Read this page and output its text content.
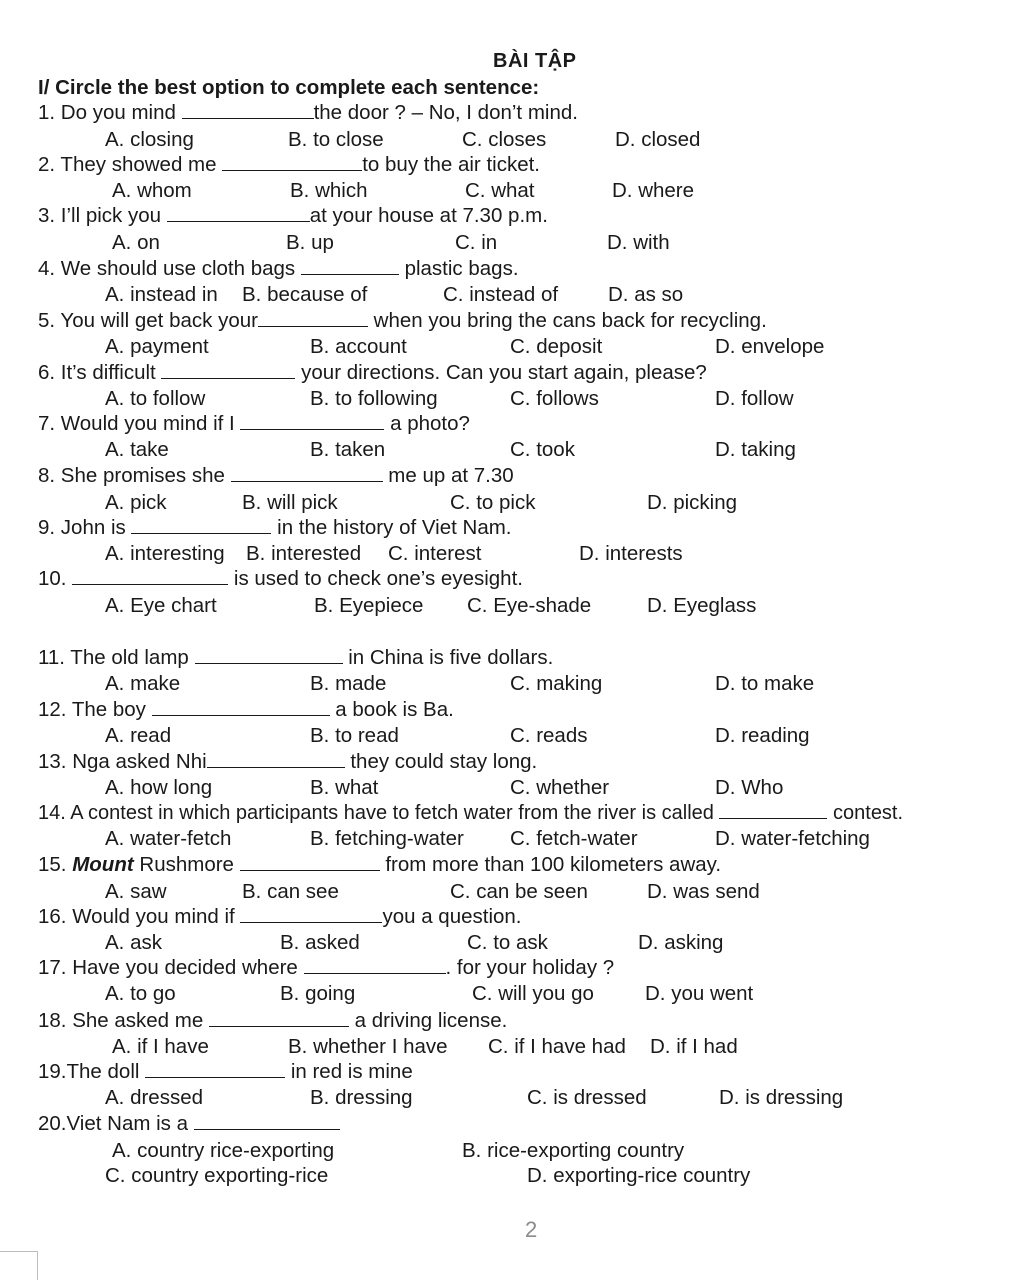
BÀI TẬP
I/ Circle the best option to complete each sentence:
1. Do you mind	the door ? – No, I don’t mind.
A. closing	B. to close	C. closes	D. closed
2. They showed me	to buy the air ticket.
A. whom	B. which	C. what	D. where
3. I’ll pick you	at your house at 7.30 p.m.
A. on	B. up	C. in	D. with
4. We should use cloth bags	plastic bags.
A. instead in B. because of	C. instead of D. as so
5. You will get back your	when you bring the cans back for recycling.
A. payment	B. account	C. deposit	D. envelope
6. It’s difficult	your directions. Can you start again, please?
A. to follow	B. to following	C. follows	D. follow
7. Would you mind if I	a photo?
A. take	B. taken	C. took	D. taking
8. She promises she	me up at 7.30
A. pick	B. will pick	C. to pick	D. picking
9. John is	in the history of Viet Nam.
A. interesting B. interested C. interest	D. interests
10.	is used to check one’s eyesight.
A. Eye chart	B. Eyepiece C. Eye-shade	D. Eyeglass
11. The old lamp	in China is five dollars.
A. make	B. made	C. making	D. to make
12. The boy	a book is Ba.
A. read	B. to read	C. reads	D. reading
13. Nga asked Nhi	they could stay long.
A. how long	B. what	C. whether	D. Who
14. A contest in which participants have to fetch water from the river is called	contest.
A. water-fetch	B. fetching-water C. fetch-water	D. water-fetching
15. Mount Rushmore	from more than 100 kilometers away.
A. saw	B. can see	C. can be seen	D. was send
16. Would you mind if	you a question.
A. ask	B. asked	C. to ask	D. asking
17. Have you decided where	. for your holiday ?
A. to go	B. going	C. will you go D. you went
18. She asked me	a driving license.
A. if I have	B. whether I have C. if I have had D. if I had
19.The doll	in red is mine
A. dressed	B. dressing	C. is dressed	D. is dressing
20.Viet Nam is a
A. country rice-exporting	B. rice-exporting country
C. country exporting-rice	D. exporting-rice country
2
